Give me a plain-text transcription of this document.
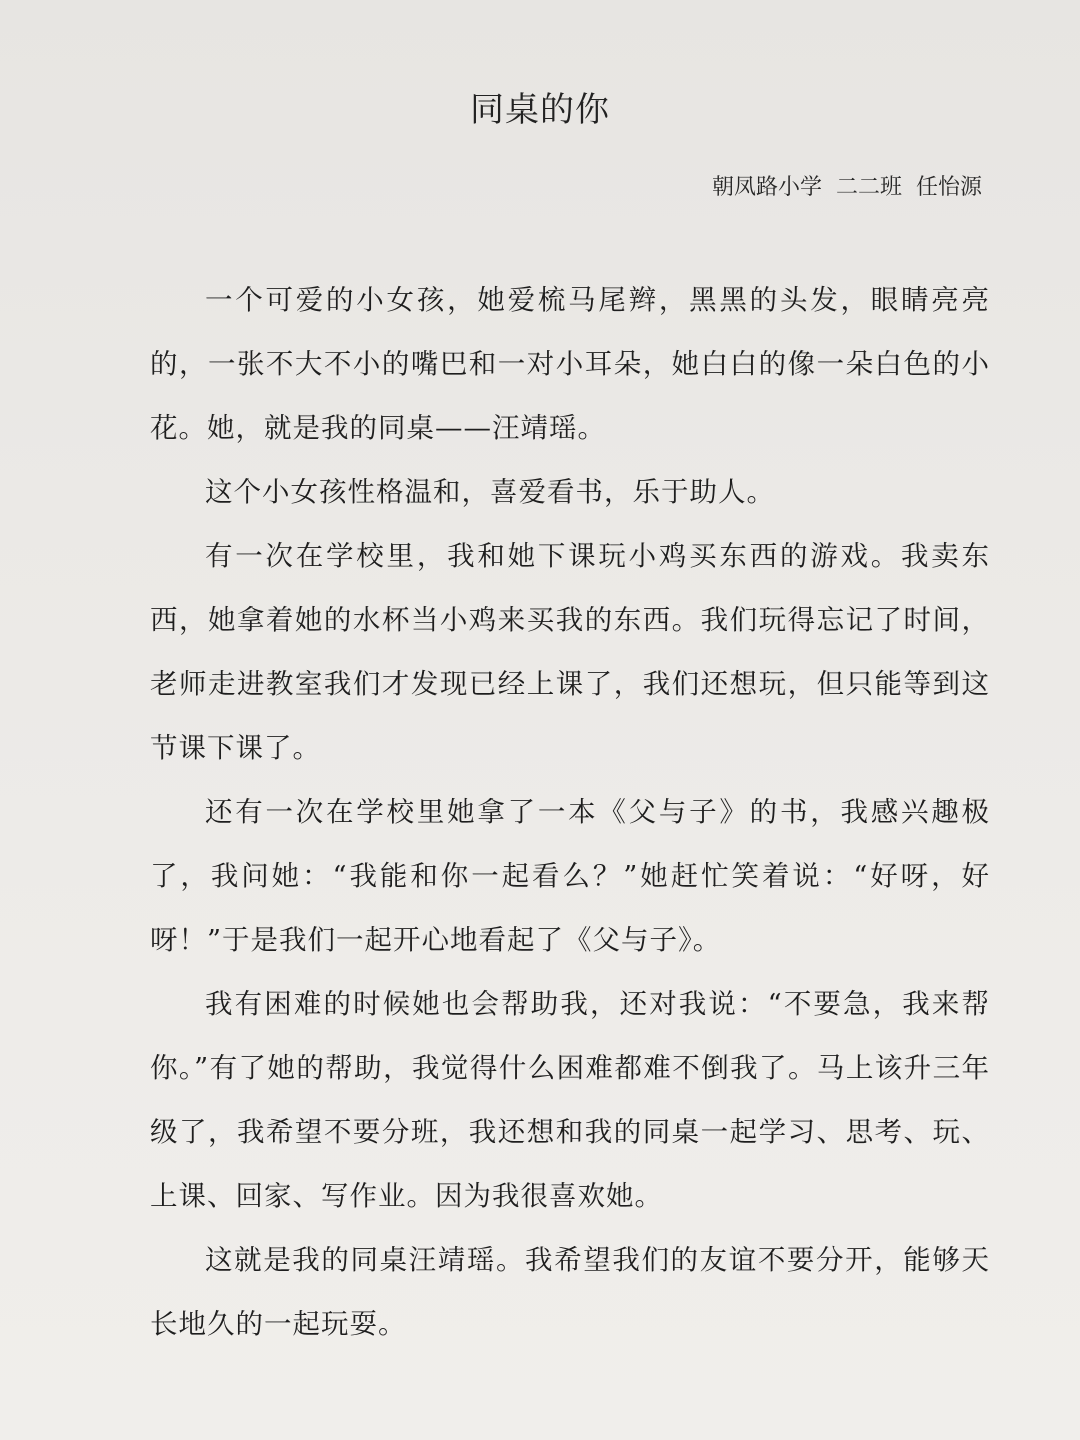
同桌的你
朝凤路小学  二二班  任怡源

一个可爱的小女孩，她爱梳马尾辫，黑黑的头发，眼睛亮亮的，一张不大不小的嘴巴和一对小耳朵，她白白的像一朵白色的小花。她，就是我的同桌——汪靖瑶。

这个小女孩性格温和，喜爱看书，乐于助人。

有一次在学校里，我和她下课玩小鸡买东西的游戏。我卖东西，她拿着她的水杯当小鸡来买我的东西。我们玩得忘记了时间，老师走进教室我们才发现已经上课了，我们还想玩，但只能等到这节课下课了。

还有一次在学校里她拿了一本《父与子》的书，我感兴趣极了，我问她：“我能和你一起看么？”她赶忙笑着说：“好呀，好呀！”于是我们一起开心地看起了《父与子》。

我有困难的时候她也会帮助我，还对我说：“不要急，我来帮你。”有了她的帮助，我觉得什么困难都难不倒我了。马上该升三年级了，我希望不要分班，我还想和我的同桌一起学习、思考、玩、上课、回家、写作业。因为我很喜欢她。

这就是我的同桌汪靖瑶。我希望我们的友谊不要分开，能够天长地久的一起玩耍。
